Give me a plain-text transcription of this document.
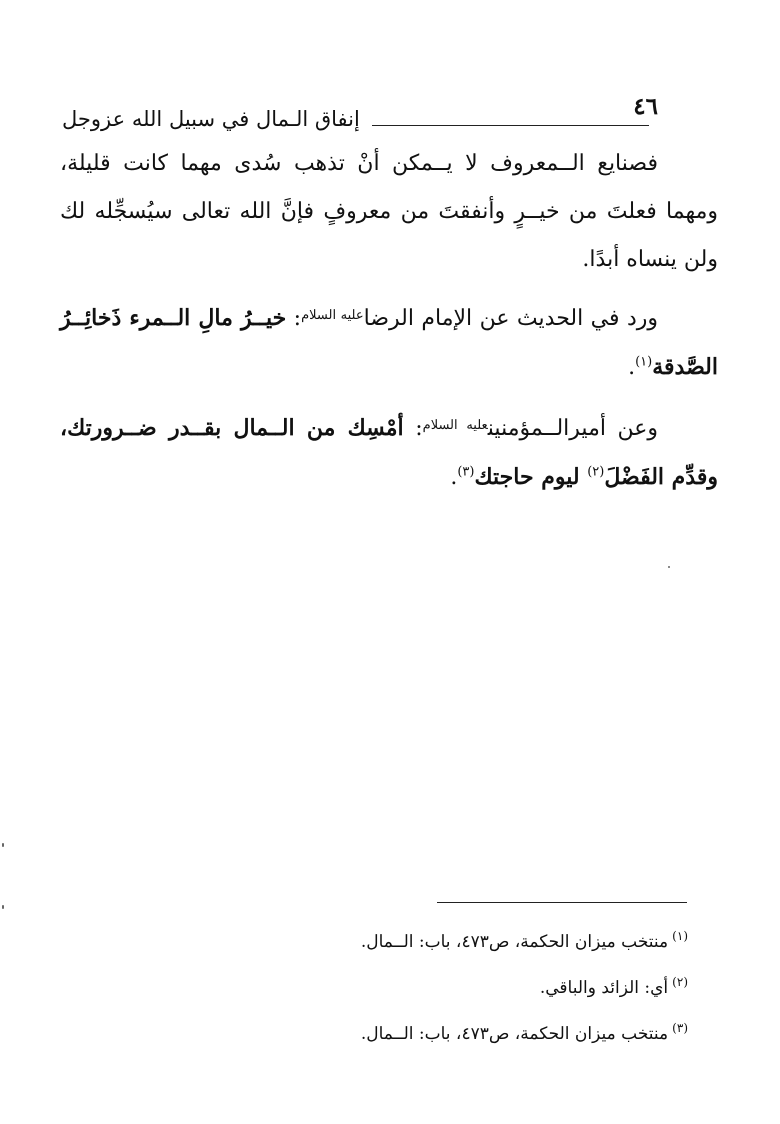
٤٦
إنفاق الـمال في سبيل الله عزوجل

فصنايع الــمعروف لا يــمكن أنْ تذهب سُدى مهما كانت قليلة، ومهما فعلتَ من خيــرٍ وأنفقتَ من معروفٍ فإنَّ الله تعالى سيُسجِّله لك ولن ينساه أبدًا.

ورد في الحديث عن الإمام الرضا$^{عليه السلام}$: خيــرُ مالِ الــمرء ذَخائِــرُ الصَّدقة$^{(١)}$.

وعن أميرالــمؤمنين$^{عليه السلام}$: أمْسِك من الــمال بقــدر ضــرورتك، وقدِّم الفَضْلَ$^{(٢)}$ ليوم حاجتك$^{(٣)}$.

$^{(١)}$منتخب ميزان الحكمة، ص٤٧٣، باب: الــمال.

$^{(٢)}$أي: الزائد والباقي.

$^{(٣)}$منتخب ميزان الحكمة، ص٤٧٣، باب: الــمال.
